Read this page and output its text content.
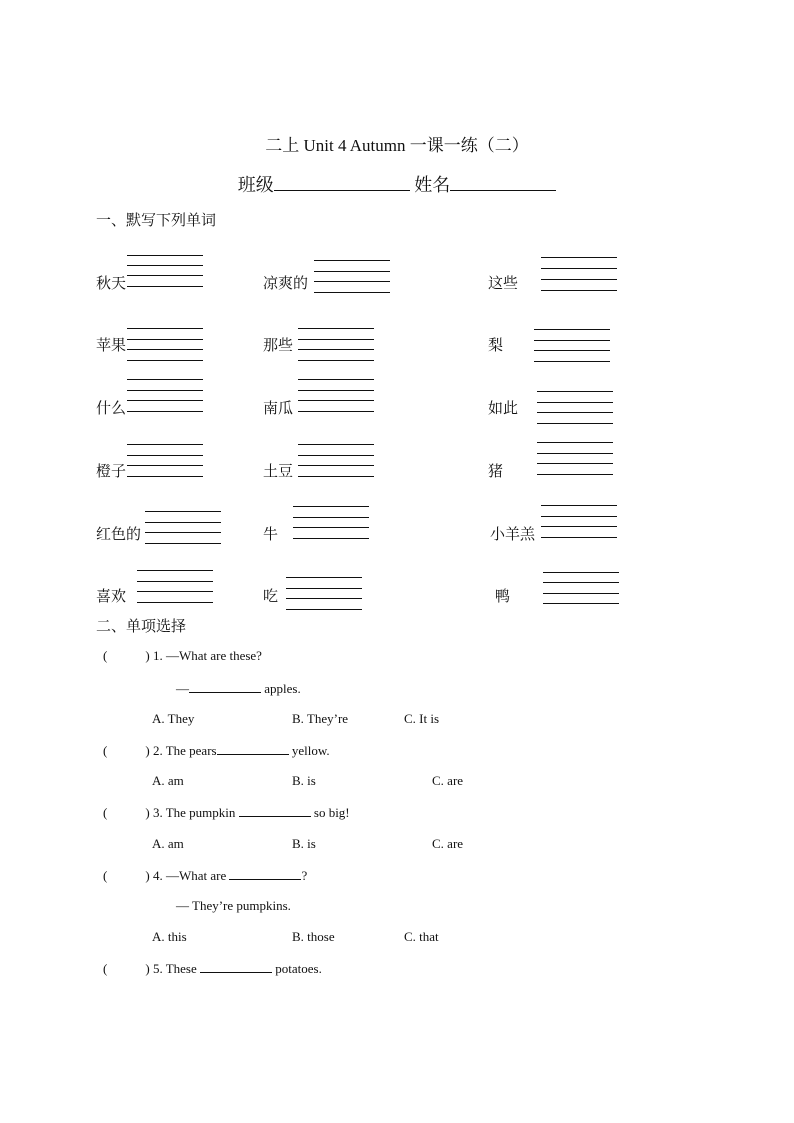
二上 Unit 4 Autumn 一课一练（二）
班级	姓名
一、默写下列单词
秋天	凉爽的	这些
苹果	那些	梨
什么	南瓜	如此
橙子	土豆	猪
红色的	牛	小羊羔
喜欢	吃	鸭
二、单项选择
(	) 1. —What are these?
—	apples.
A. They	B. They’re	C. It is
(	) 2. The pears	yellow.
A. am	B. is	C. are
(	) 3. The pumpkin	so big!
A. am	B. is	C. are
(	) 4. —What are	?
— They’re pumpkins.
A. this	B. those	C. that
(	) 5. These	potatoes.
